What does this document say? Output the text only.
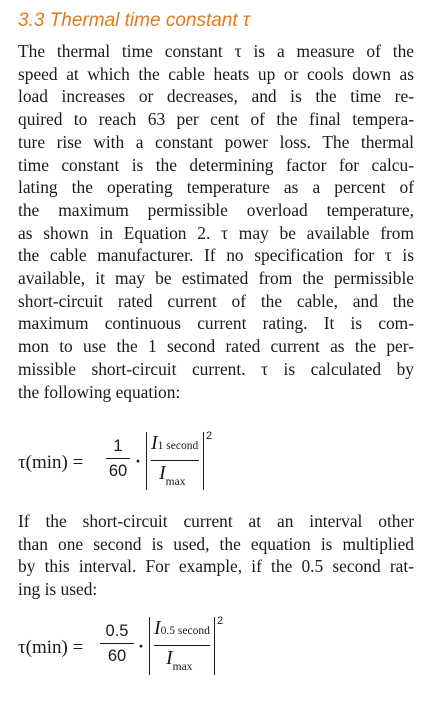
3.3 Thermal time constant τ

The thermal time constant τ is a measure of the
speed at which the cable heats up or cools down as
load increases or decreases, and is the time re-
quired to reach 63 per cent of the final tempera-
ture rise with a constant power loss. The thermal
time constant is the determining factor for calcu-
lating the operating temperature as a percent of
the maximum permissible overload temperature,
as shown in Equation 2. τ may be available from
the cable manufacturer. If no specification for τ is
available, it may be estimated from the permissible
short-circuit rated current of the cable, and the
maximum continuous current rating. It is com-
mon to use the 1 second rated current as the per-
missible short-circuit current. τ is calculated by
the following equation:

τ(min) =
1
60
·
I1 second
$I_{max}$
2

If the short-circuit current at an interval other
than one second is used, the equation is multiplied
by this interval. For example, if the 0.5 second rat-
ing is used:

τ(min) =
0.5
60
·
I0.5 second
$I_{max}$
2
